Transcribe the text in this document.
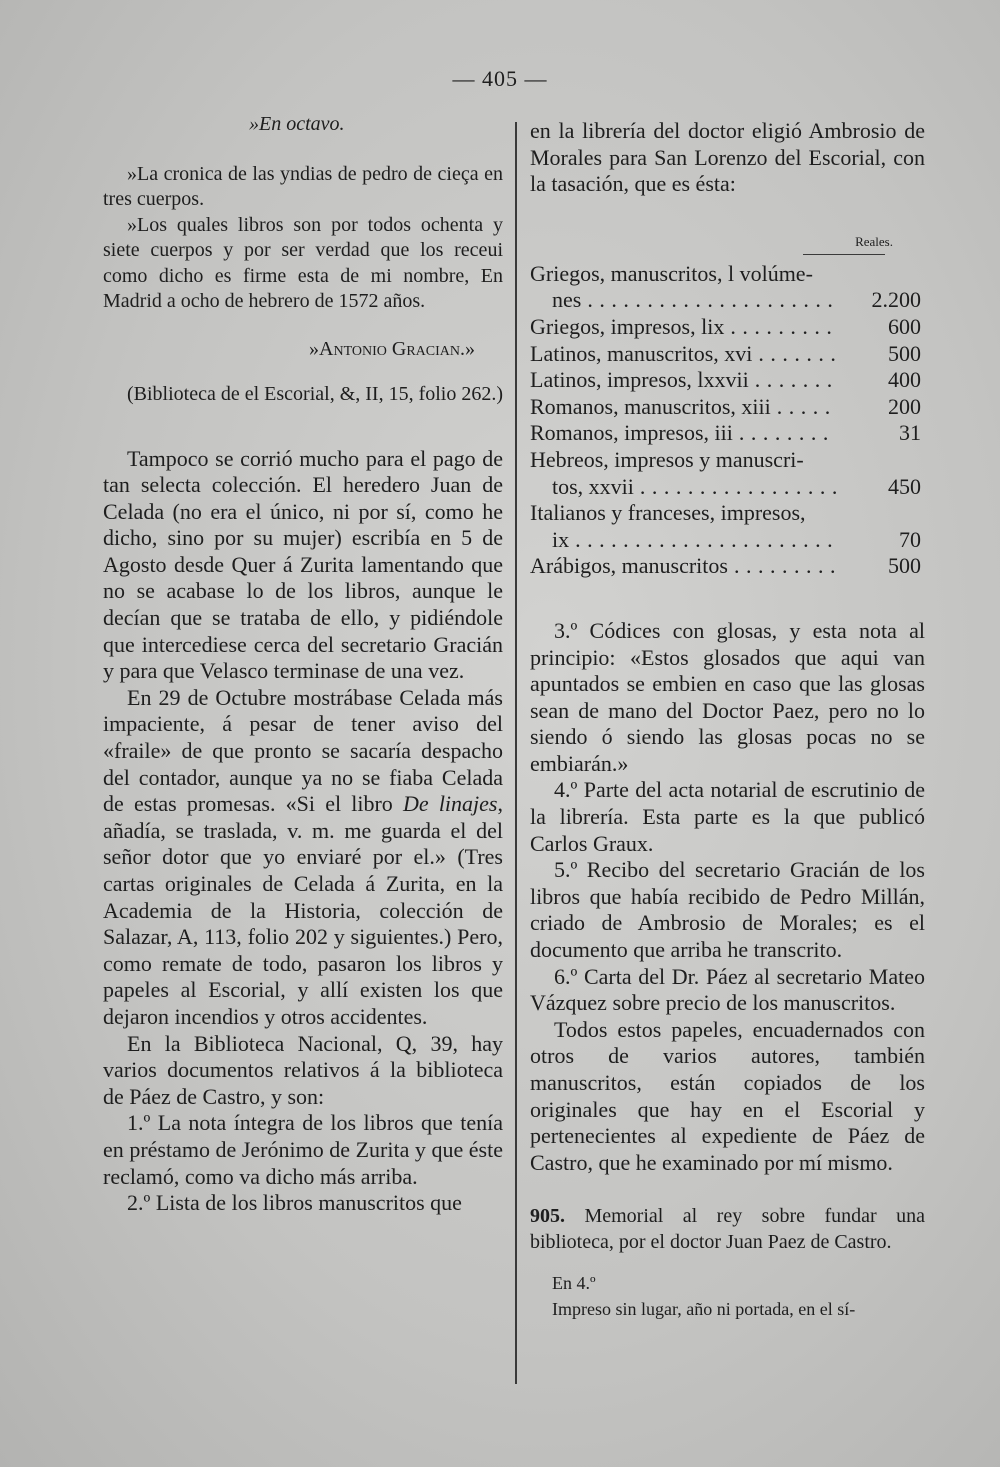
— 405 —

»En octavo.

»La cronica de las yndias de pedro de cieça en tres cuerpos.

»Los quales libros son por todos ochenta y siete cuerpos y por ser verdad que los receui como dicho es firme esta de mi nombre, En Madrid a ocho de hebrero de 1572 años.

»Antonio Gracian.»

(Biblioteca de el Escorial, &, II, 15, folio 262.)

Tampoco se corrió mucho para el pago de tan selecta colección. El heredero Juan de Celada (no era el único, ni por sí, como he dicho, sino por su mujer) escribía en 5 de Agosto desde Quer á Zurita lamentando que no se acabase lo de los libros, aunque le decían que se trataba de ello, y pidiéndole que intercediese cerca del secretario Gracián y para que Velasco terminase de una vez.

En 29 de Octubre mostrábase Celada más impaciente, á pesar de tener aviso del «fraile» de que pronto se sacaría despacho del contador, aunque ya no se fiaba Celada de estas promesas. «Si el libro De linajes, añadía, se traslada, v. m. me guarda el del señor dotor que yo enviaré por el.» (Tres cartas originales de Celada á Zurita, en la Academia de la Historia, colección de Salazar, A, 113, folio 202 y siguientes.) Pero, como remate de todo, pasaron los libros y papeles al Escorial, y allí existen los que dejaron incendios y otros accidentes.

En la Biblioteca Nacional, Q, 39, hay varios documentos relativos á la biblioteca de Páez de Castro, y son:

1.º La nota íntegra de los libros que tenía en préstamo de Jerónimo de Zurita y que éste reclamó, como va dicho más arriba.

2.º Lista de los libros manuscritos que

en la librería del doctor eligió Ambrosio de Morales para San Lorenzo del Escorial, con la tasación, que es ésta:

Reales.
Griegos, manuscritos, l volúme-
nes . . .	2.200
Griegos, impresos, lix . . .	600
Latinos, manuscritos, xvi . . .	500
Latinos, impresos, lxxvii . . .	400
Romanos, manuscritos, xiii . . .	200
Romanos, impresos, iii . . .	31
Hebreos, impresos y manuscri-
tos, xxvii . . .	450
Italianos y franceses, impresos,
ix . . .	70
Arábigos, manuscritos . . .	500

3.º Códices con glosas, y esta nota al principio: «Estos glosados que aqui van apuntados se embien en caso que las glosas sean de mano del Doctor Paez, pero no lo siendo ó siendo las glosas pocas no se embiarán.»

4.º Parte del acta notarial de escrutinio de la librería. Esta parte es la que publicó Carlos Graux.

5.º Recibo del secretario Gracián de los libros que había recibido de Pedro Millán, criado de Ambrosio de Morales; es el documento que arriba he transcrito.

6.º Carta del Dr. Páez al secretario Mateo Vázquez sobre precio de los manuscritos.

Todos estos papeles, encuadernados con otros de varios autores, también manuscritos, están copiados de los originales que hay en el Escorial y pertenecientes al expediente de Páez de Castro, que he examinado por mí mismo.

905. Memorial al rey sobre fundar una biblioteca, por el doctor Juan Paez de Castro.

En 4.º

Impreso sin lugar, año ni portada, en el sí-
